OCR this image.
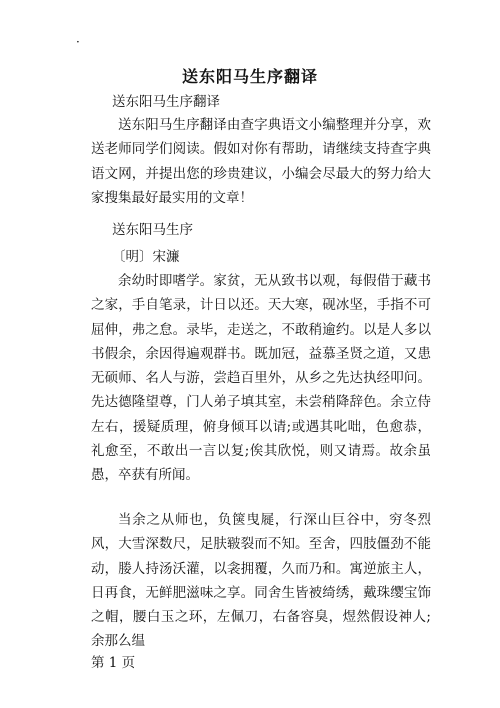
·
送东阳马生序翻译
送东阳马生序翻译

送东阳马生序翻译由查字典语文小编整理并分享，欢送老师同学们阅读。假如对你有帮助，请继续支持查字典语文网，并提出您的珍贵建议，小编会尽最大的努力给大家搜集最好最实用的文章！

送东阳马生序
〔明〕宋濂

余幼时即嗜学。家贫，无从致书以观，每假借于藏书之家，手自笔录，计日以还。天大寒，砚冰坚，手指不可屈伸，弗之怠。录毕，走送之，不敢稍逾约。以是人多以书假余，余因得遍观群书。既加冠，益慕圣贤之道，又患无硕师、名人与游，尝趋百里外，从乡之先达执经叩问。先达德隆望尊，门人弟子填其室，未尝稍降辞色。余立侍左右，援疑质理，俯身倾耳以请;或遇其叱咄，色愈恭，礼愈至，不敢出一言以复;俟其欣悦，则又请焉。故余虽愚，卒获有所闻。

当余之从师也，负箧曳屣，行深山巨谷中，穷冬烈风，大雪深数尺，足肤皲裂而不知。至舍，四肢僵劲不能动，媵人持汤沃灌，以衾拥覆，久而乃和。寓逆旅主人，日再食，无鲜肥滋味之享。同舍生皆被绮绣，戴珠缨宝饰之帽，腰白玉之环，左佩刀，右备容臭，煜然假设神人;余那么缊

第 1 页
